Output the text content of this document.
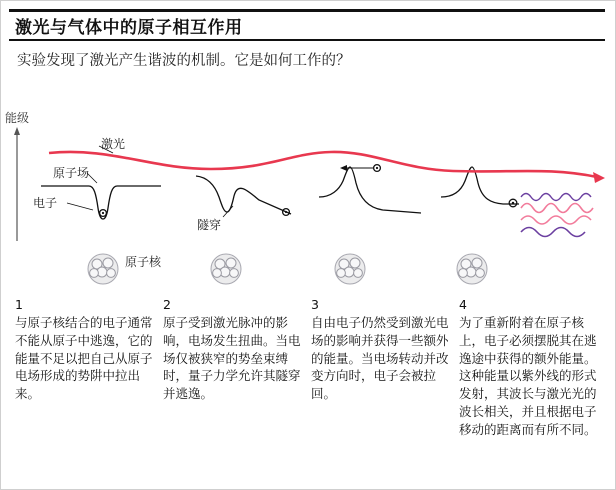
激光与气体中的原子相互作用
实验发现了激光产生谐波的机制。它是如何工作的？
能级
激光
原子场
电子
隧穿
原子核
1
与原子核结合的电子通常不能从原子中逃逸，它的能量不足以把自己从原子电场形成的势阱中拉出来。
2
原子受到激光脉冲的影响，电场发生扭曲。当电场仅被狭窄的势垒束缚时，量子力学允许其隧穿并逃逸。
3
自由电子仍然受到激光电场的影响并获得一些额外的能量。当电场转动并改变方向时，电子会被拉回。
4
为了重新附着在原子核上，电子必须摆脱其在逃逸途中获得的额外能量。这种能量以紫外线的形式发射，其波长与激光光的波长相关，并且根据电子移动的距离而有所不同。
